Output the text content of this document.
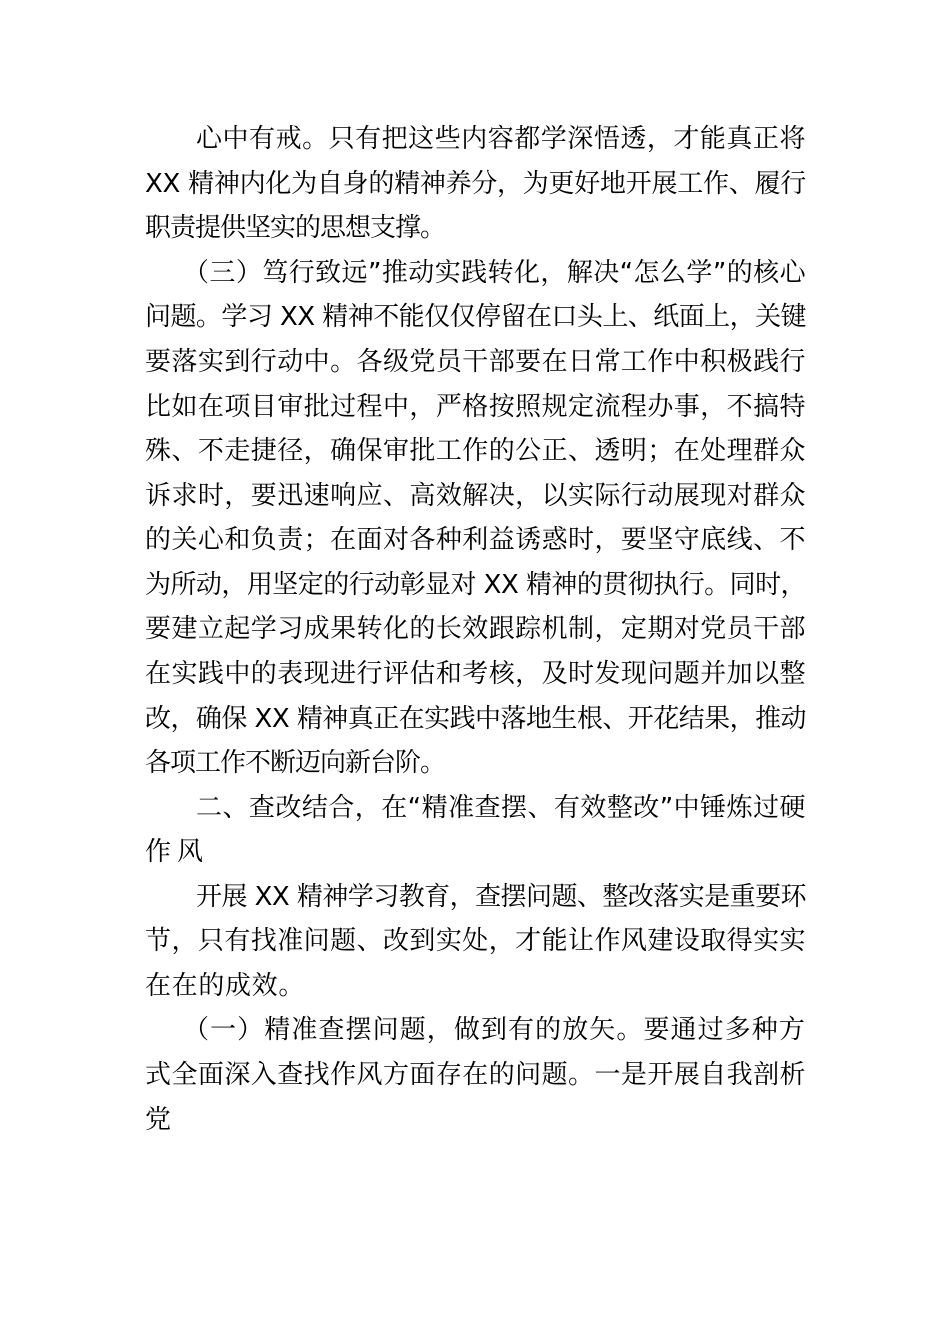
心中有戒。只有把这些内容都学深悟透，才能真正将

XX 精神内化为自身的精神养分，为更好地开展工作、履行

职责提供坚实的思想支撑。

（三）笃行致远”推动实践转化，解决“怎么学”的核心

问题。学习 XX 精神不能仅仅停留在口头上、纸面上，关键

要落实到行动中。各级党员干部要在日常工作中积极践行

比如在项目审批过程中，严格按照规定流程办事，不搞特

殊、不走捷径，确保审批工作的公正、透明；在处理群众

诉求时，要迅速响应、高效解决，以实际行动展现对群众

的关心和负责；在面对各种利益诱惑时，要坚守底线、不

为所动，用坚定的行动彰显对 XX 精神的贯彻执行。同时，

要建立起学习成果转化的长效跟踪机制，定期对党员干部

在实践中的表现进行评估和考核，及时发现问题并加以整

改，确保 XX 精神真正在实践中落地生根、开花结果，推动

各项工作不断迈向新台阶。

二、查改结合，在“精准查摆、有效整改”中锤炼过硬

作风

开展 XX 精神学习教育，查摆问题、整改落实是重要环

节，只有找准问题、改到实处，才能让作风建设取得实实

在在的成效。

（一）精准查摆问题，做到有的放矢。要通过多种方

式全面深入查找作风方面存在的问题。一是开展自我剖析

党
